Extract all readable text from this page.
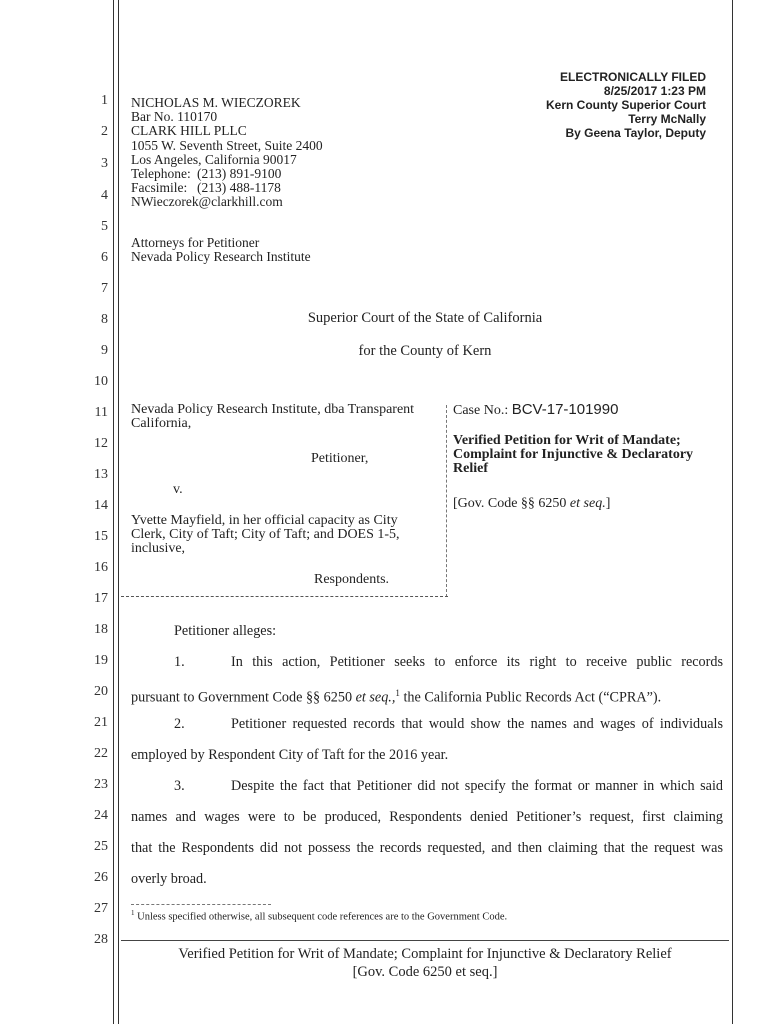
1
2
3
4
5
6
7
8
9
10
11
12
13
14
15
16
17
18
19
20
21
22
23
24
25
26
27
28
ELECTRONICALLY FILED
8/25/2017 1:23 PM
Kern County Superior Court
Terry McNally
By Geena Taylor, Deputy
NICHOLAS M. WIECZOREK
Bar No. 110170
CLARK HILL PLLC
1055 W. Seventh Street, Suite 2400
Los Angeles, California 90017
Telephone: (213) 891-9100
Facsimile: (213) 488-1178
NWieczorek@clarkhill.com
Attorneys for Petitioner
Nevada Policy Research Institute
Superior Court of the State of California
for the County of Kern
Nevada Policy Research Institute, dba Transparent California,
Petitioner,
v.
Yvette Mayfield, in her official capacity as City Clerk, City of Taft; City of Taft; and DOES 1-5, inclusive,
Respondents.
Case No.: BCV-17-101990
Verified Petition for Writ of Mandate; Complaint for Injunctive & Declaratory Relief
[Gov. Code §§ 6250 et seq.]
Petitioner alleges:
1.	In this action, Petitioner seeks to enforce its right to receive public records
pursuant to Government Code §§ 6250 et seq.,$^1$ the California Public Records Act (“CPRA”).
2.	Petitioner requested records that would show the names and wages of individuals
employed by Respondent City of Taft for the 2016 year.
3.	Despite the fact that Petitioner did not specify the format or manner in which said
names and wages were to be produced, Respondents denied Petitioner’s request, first claiming
that the Respondents did not possess the records requested, and then claiming that the request was
overly broad.
$^1$ Unless specified otherwise, all subsequent code references are to the Government Code.
Verified Petition for Writ of Mandate; Complaint for Injunctive & Declaratory Relief
[Gov. Code 6250 et seq.]
